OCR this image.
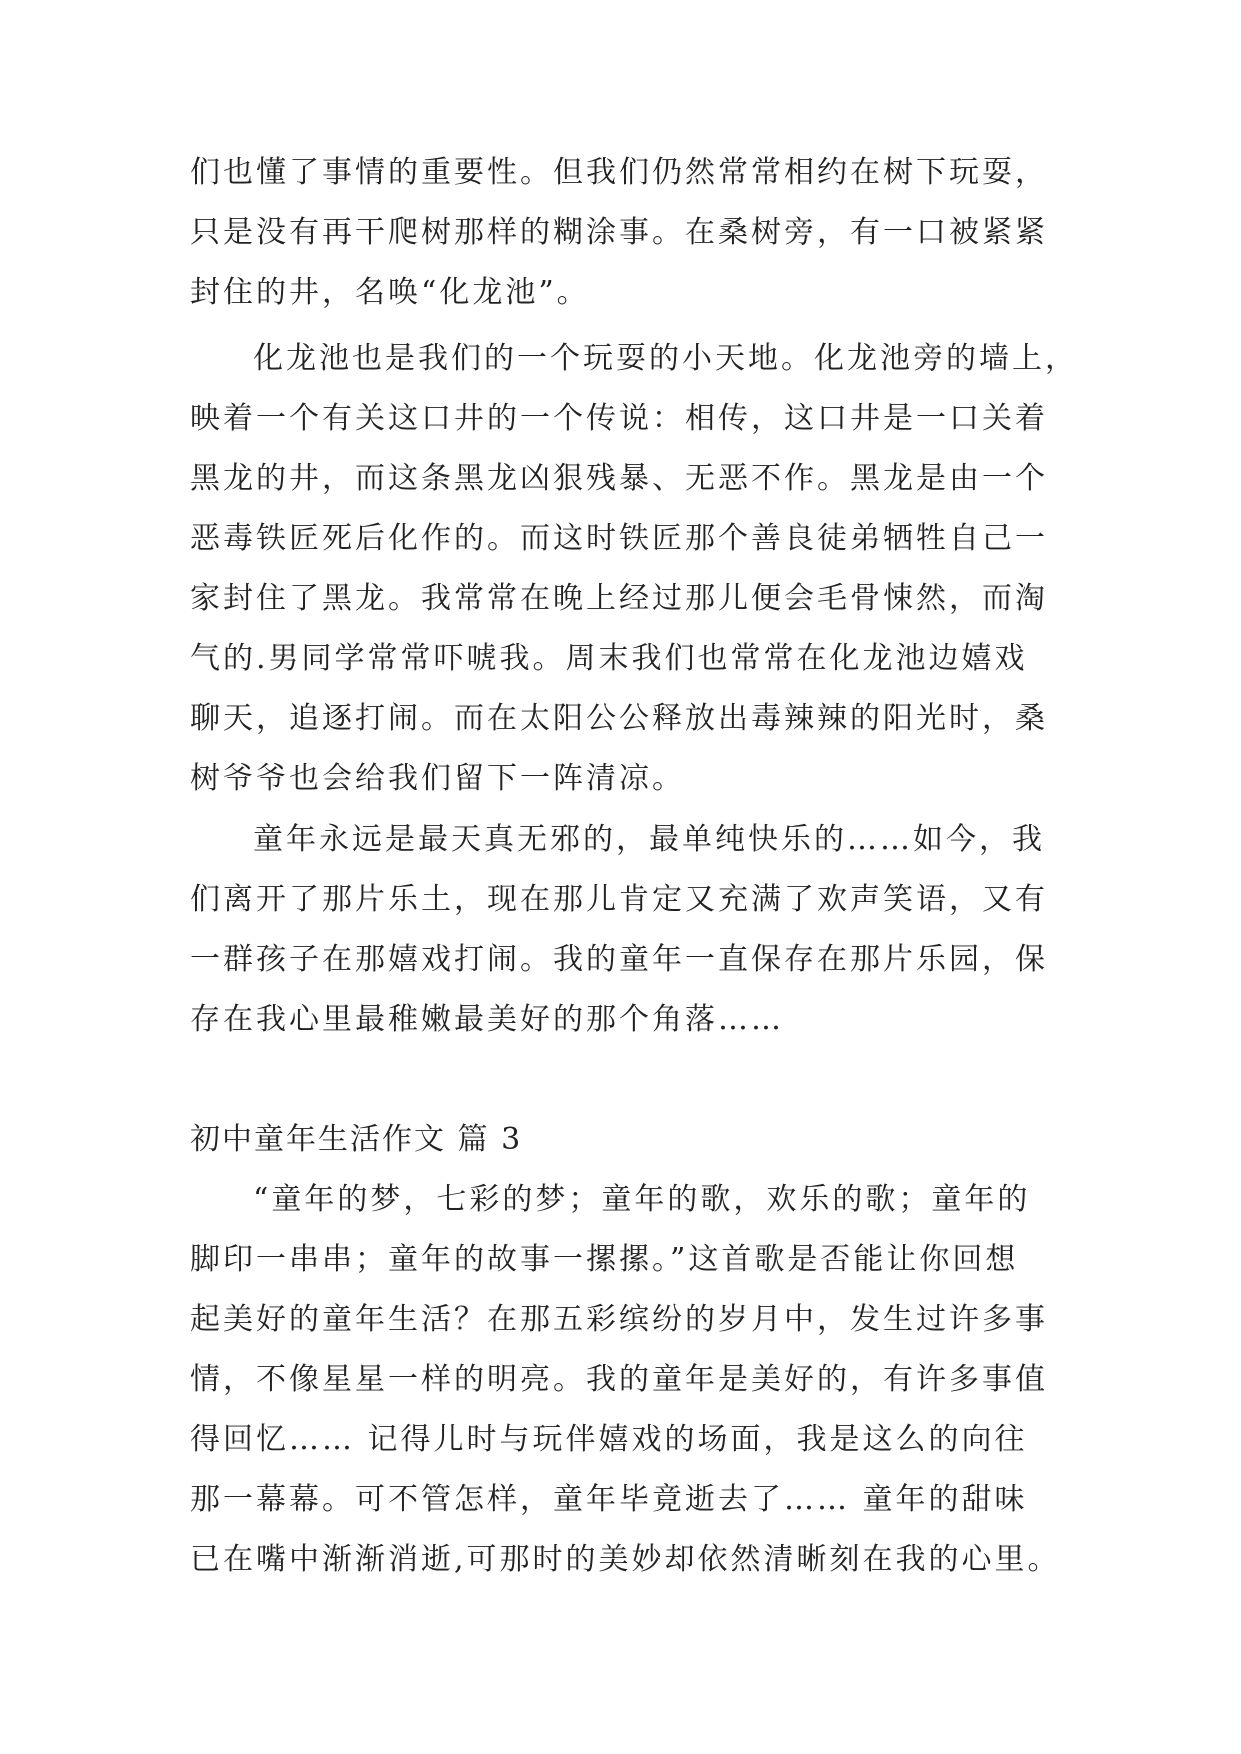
们也懂了事情的重要性。但我们仍然常常相约在树下玩耍，
只是没有再干爬树那样的糊涂事。在桑树旁，有一口被紧紧
封住的井，名唤“化龙池”。
化龙池也是我们的一个玩耍的小天地。化龙池旁的墙上，
映着一个有关这口井的一个传说：相传，这口井是一口关着
黑龙的井，而这条黑龙凶狠残暴、无恶不作。黑龙是由一个
恶毒铁匠死后化作的。而这时铁匠那个善良徒弟牺牲自己一
家封住了黑龙。我常常在晚上经过那儿便会毛骨悚然，而淘
气的.男同学常常吓唬我。周末我们也常常在化龙池边嬉戏
聊天，追逐打闹。而在太阳公公释放出毒辣辣的阳光时，桑
树爷爷也会给我们留下一阵清凉。
童年永远是最天真无邪的，最单纯快乐的……如今，我
们离开了那片乐土，现在那儿肯定又充满了欢声笑语，又有
一群孩子在那嬉戏打闹。我的童年一直保存在那片乐园，保
存在我心里最稚嫩最美好的那个角落……
初中童年生活作文 篇 3
“童年的梦，七彩的梦；童年的歌，欢乐的歌；童年的
脚印一串串；童年的故事一摞摞。”这首歌是否能让你回想
起美好的童年生活？在那五彩缤纷的岁月中，发生过许多事
情，不像星星一样的明亮。我的童年是美好的，有许多事值
得回忆…… 记得儿时与玩伴嬉戏的场面，我是这么的向往
那一幕幕。可不管怎样，童年毕竟逝去了…… 童年的甜味
已在嘴中渐渐消逝,可那时的美妙却依然清晰刻在我的心里。
